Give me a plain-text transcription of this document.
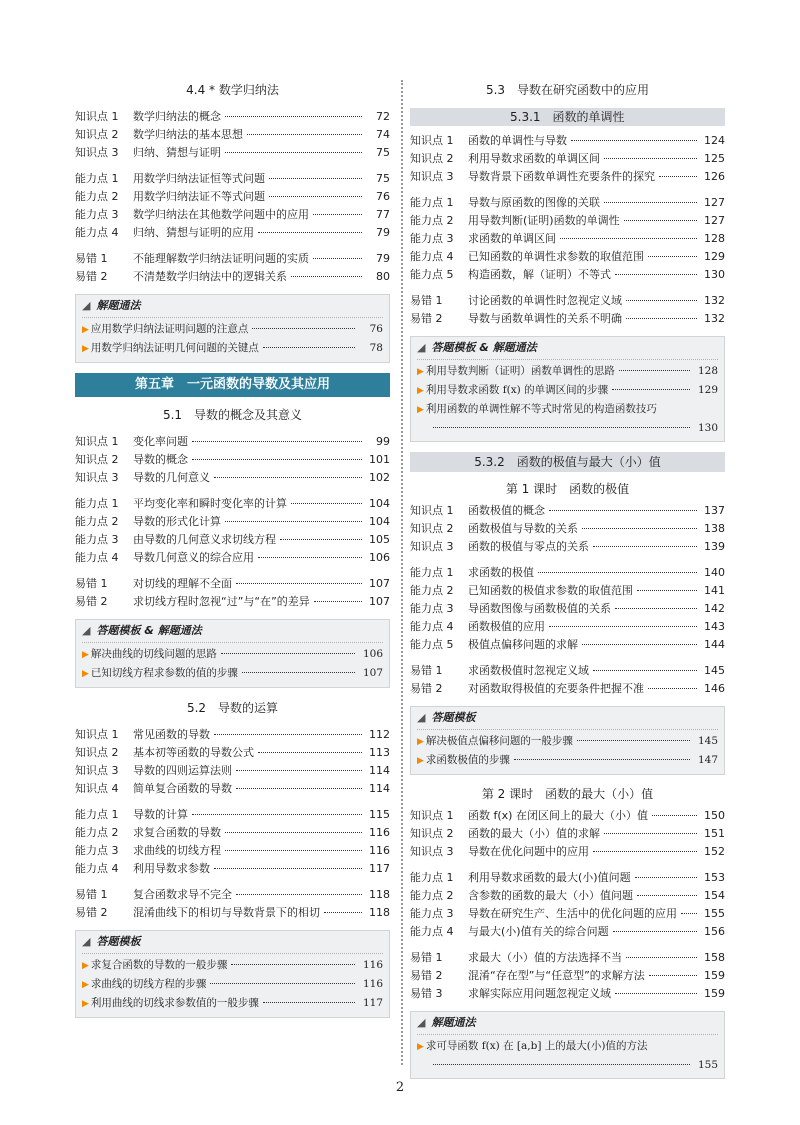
4.4 * 数学归纳法
知识点 1	数学归纳法的概念	72
知识点 2	数学归纳法的基本思想	74
知识点 3	归纳、猜想与证明	75
能力点 1	用数学归纳法证恒等式问题	75
能力点 2	用数学归纳法证不等式问题	76
能力点 3	数学归纳法在其他数学问题中的应用	77
能力点 4	归纳、猜想与证明的应用	79
易错 1	不能理解数学归纳法证明问题的实质	79
易错 2	不清楚数学归纳法中的逻辑关系	80
◢ 解题通法
▶ 应用数学归纳法证明问题的注意点	76
▶ 用数学归纳法证明几何问题的关键点	78
第五章　一元函数的导数及其应用
5.1　导数的概念及其意义
知识点 1	变化率问题	99
知识点 2	导数的概念	101
知识点 3	导数的几何意义	102
能力点 1	平均变化率和瞬时变化率的计算	104
能力点 2	导数的形式化计算	104
能力点 3	由导数的几何意义求切线方程	105
能力点 4	导数几何意义的综合应用	106
易错 1	对切线的理解不全面	107
易错 2	求切线方程时忽视“过”与“在”的差异	107
◢ 答题模板 & 解题通法
▶ 解决曲线的切线问题的思路	106
▶ 已知切线方程求参数的值的步骤	107
5.2　导数的运算
知识点 1	常见函数的导数	112
知识点 2	基本初等函数的导数公式	113
知识点 3	导数的四则运算法则	114
知识点 4	简单复合函数的导数	114
能力点 1	导数的计算	115
能力点 2	求复合函数的导数	116
能力点 3	求曲线的切线方程	116
能力点 4	利用导数求参数	117
易错 1	复合函数求导不完全	118
易错 2	混淆曲线下的相切与导数背景下的相切	118
◢ 答题模板
▶ 求复合函数的导数的一般步骤	116
▶ 求曲线的切线方程的步骤	116
▶ 利用曲线的切线求参数值的一般步骤	117
5.3　导数在研究函数中的应用
5.3.1　函数的单调性
知识点 1	函数的单调性与导数	124
知识点 2	利用导数求函数的单调区间	125
知识点 3	导数背景下函数单调性充要条件的探究	126
能力点 1	导数与原函数的图像的关联	127
能力点 2	用导数判断(证明)函数的单调性	127
能力点 3	求函数的单调区间	128
能力点 4	已知函数的单调性求参数的取值范围	129
能力点 5	构造函数，解（证明）不等式	130
易错 1	讨论函数的单调性时忽视定义域	132
易错 2	导数与函数单调性的关系不明确	132
◢ 答题模板 & 解题通法
▶ 利用导数判断（证明）函数单调性的思路	128
▶ 利用导数求函数 f(x) 的单调区间的步骤	129
▶ 利用函数的单调性解不等式时常见的构造函数技巧
130
5.3.2　函数的极值与最大（小）值
第 1 课时　函数的极值
知识点 1	函数极值的概念	137
知识点 2	函数极值与导数的关系	138
知识点 3	函数的极值与零点的关系	139
能力点 1	求函数的极值	140
能力点 2	已知函数的极值求参数的取值范围	141
能力点 3	导函数图像与函数极值的关系	142
能力点 4	函数极值的应用	143
能力点 5	极值点偏移问题的求解	144
易错 1	求函数极值时忽视定义域	145
易错 2	对函数取得极值的充要条件把握不准	146
◢ 答题模板
▶ 解决极值点偏移问题的一般步骤	145
▶ 求函数极值的步骤	147
第 2 课时　函数的最大（小）值
知识点 1	函数 f(x) 在闭区间上的最大（小）值	150
知识点 2	函数的最大（小）值的求解	151
知识点 3	导数在优化问题中的应用	152
能力点 1	利用导数求函数的最大(小)值问题	153
能力点 2	含参数的函数的最大（小）值问题	154
能力点 3	导数在研究生产、生活中的优化问题的应用 155
能力点 4	与最大(小)值有关的综合问题	156
易错 1	求最大（小）值的方法选择不当	158
易错 2	混淆“存在型”与“任意型”的求解方法	159
易错 3	求解实际应用问题忽视定义域	159
◢ 解题通法
▶ 求可导函数 f(x) 在 [a,b] 上的最大(小)值的方法
155
2
